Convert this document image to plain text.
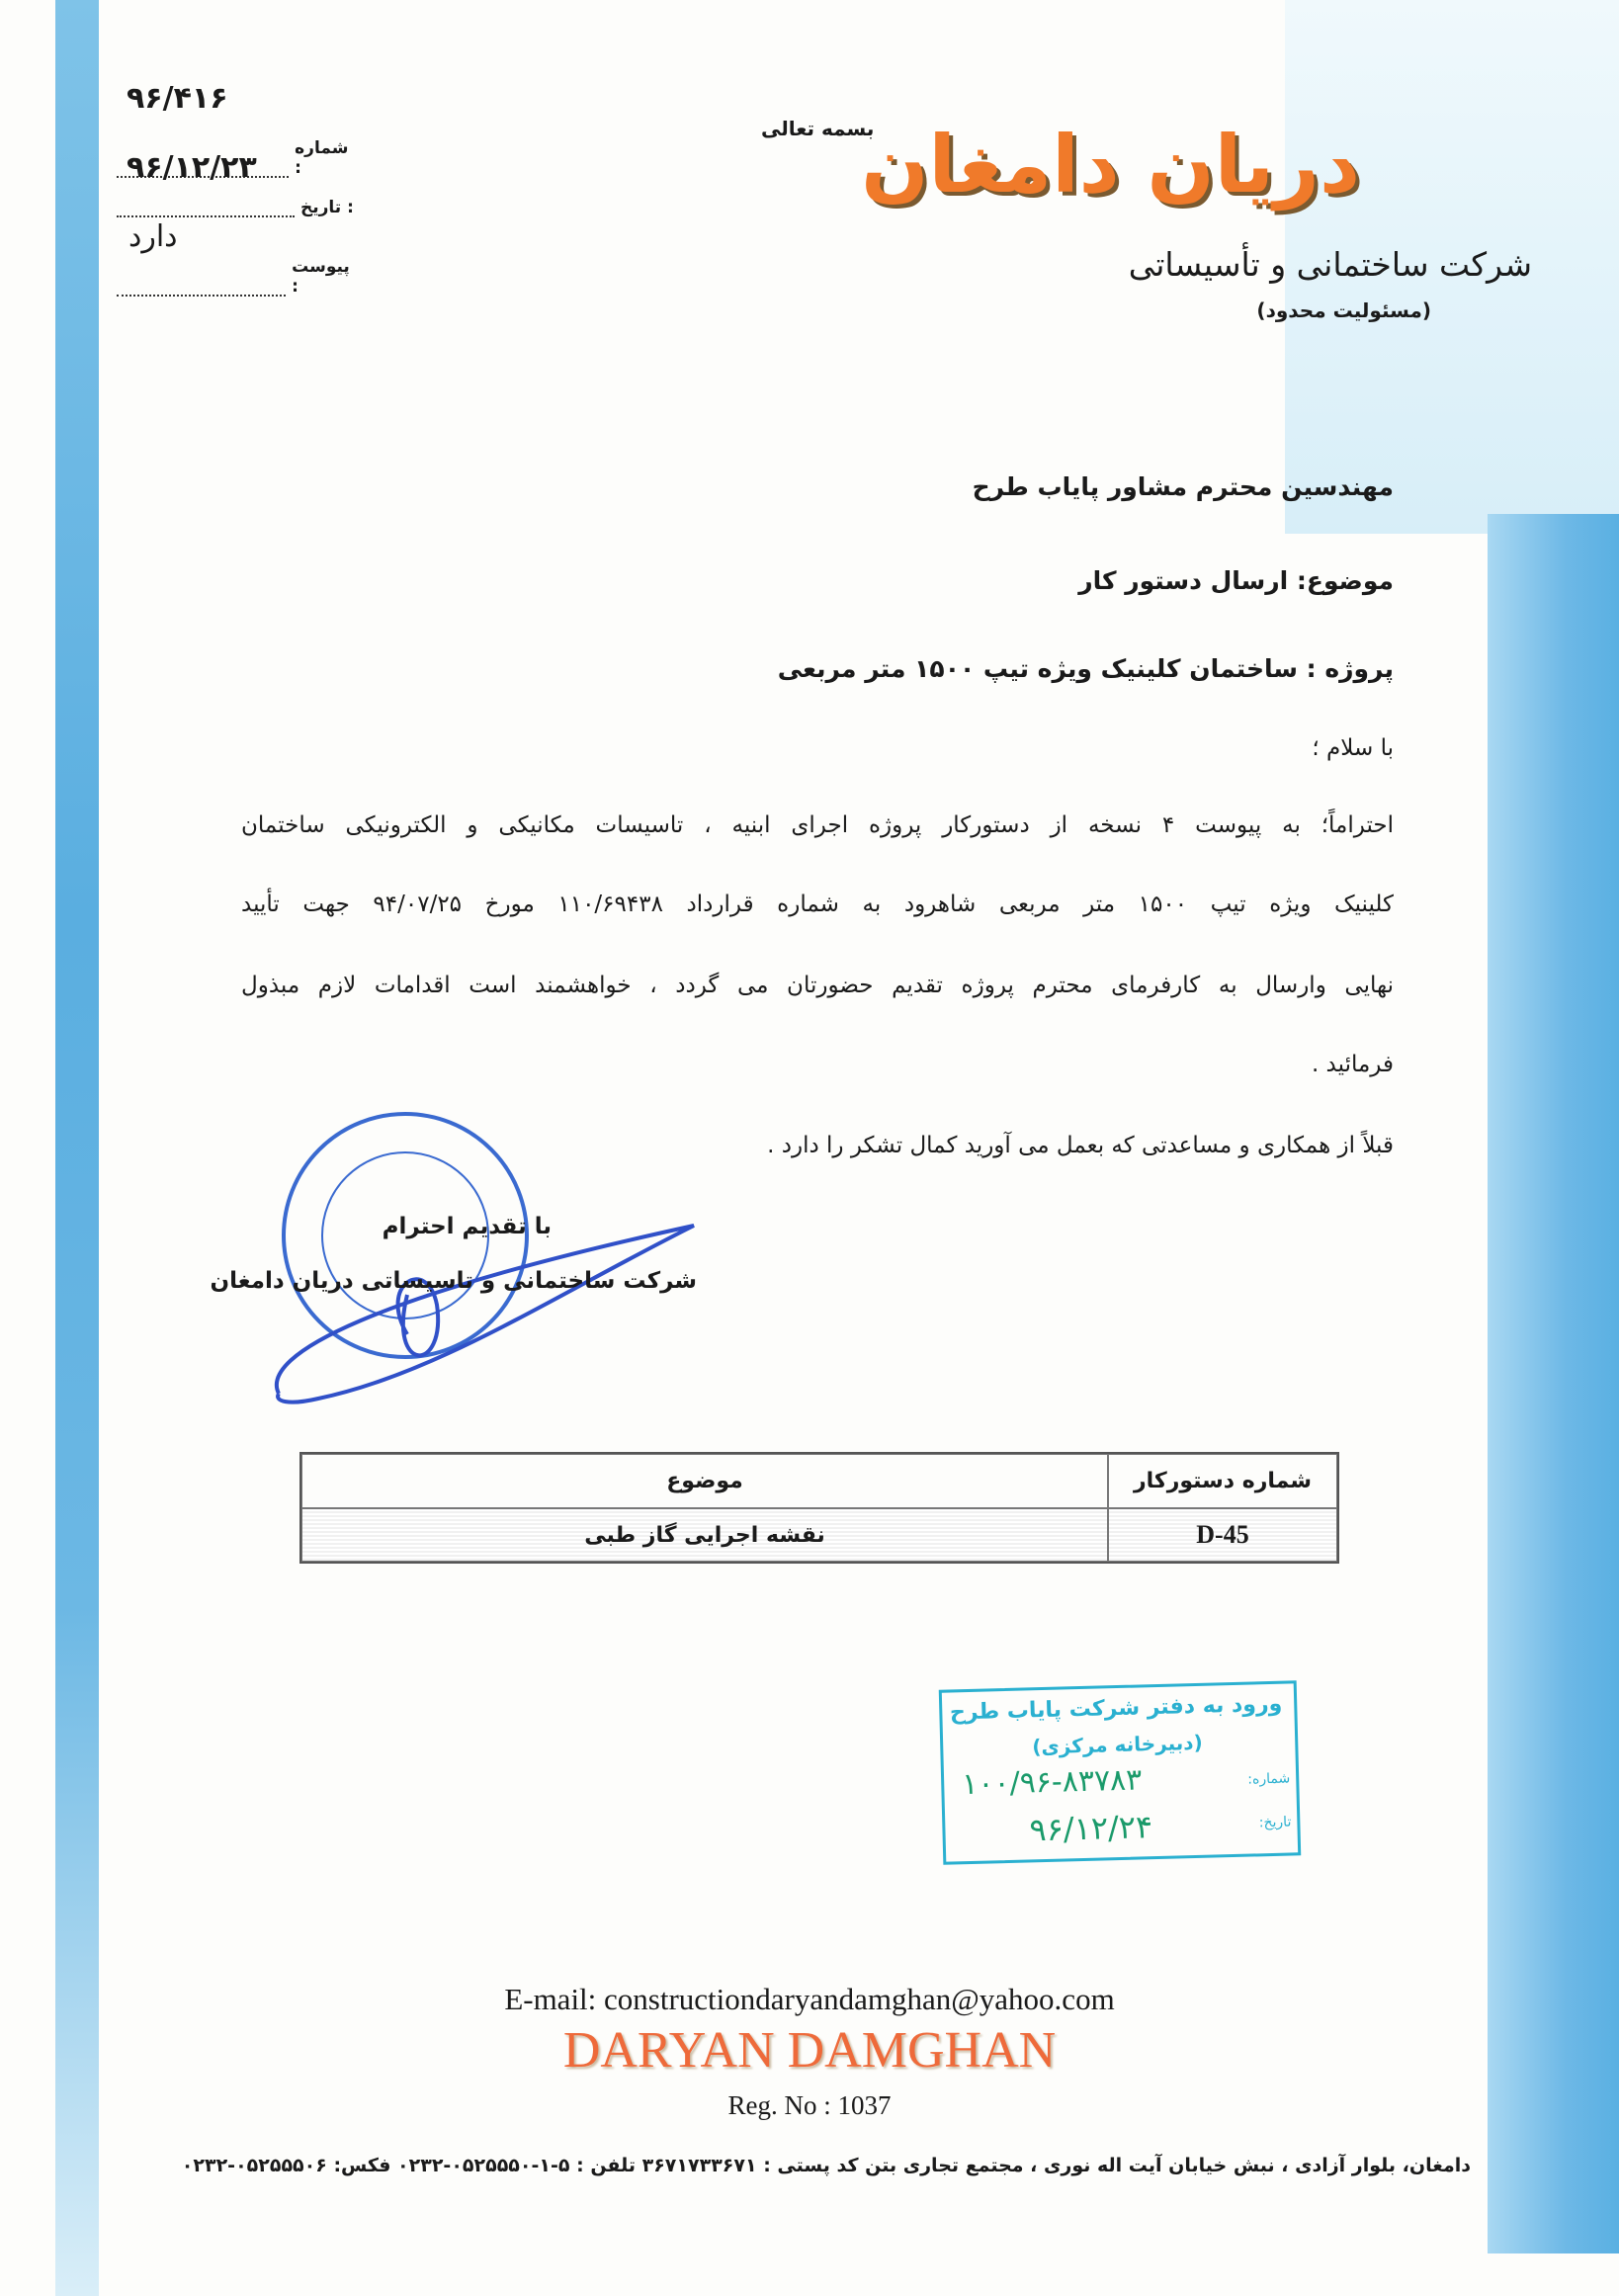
۹۶/۴۱۶
شماره :
۹۶/۱۲/۲۳
تاریخ :
دارد
پیوست :
بسمه تعالی
دریان دامغان
شرکت ساختمانی و تأسیساتی
(مسئولیت محدود)
مهندسین محترم مشاور پایاب طرح
موضوع: ارسال دستور کار
پروژه : ساختمان کلینیک ویژه تیپ ۱۵۰۰ متر مربعی
با سلام ؛
احتراماً؛ به پیوست ۴ نسخه از دستورکار پروژه اجرای ابنیه ، تاسیسات مکانیکی و الکترونیکی ساختمان
کلینیک ویژه تیپ ۱۵۰۰ متر مربعی شاهرود به شماره قرارداد ۱۱۰/۶۹۴۳۸ مورخ ۹۴/۰۷/۲۵ جهت تأیید
نهایی وارسال به کارفرمای محترم پروژه تقدیم حضورتان می گردد ، خواهشمند است اقدامات لازم مبذول
فرمائید .
قبلاً از همکاری و مساعدتی که بعمل می آورید کمال تشکر را دارد .
با تقدیم احترام
شرکت ساختمانی و تاسیساتی دریان دامغان
موضوع	شماره دستورکار
نقشه اجرایی گاز طبی	D-45
ورود به دفتر شرکت پایاب طرح
(دبیرخانه مرکزی)
شماره:
۱۰۰/۹۶-۸۳۷۸۳
تاریخ:
۹۶/۱۲/۲۴
E-mail: constructiondaryandamghan@yahoo.com
DARYAN DAMGHAN
Reg. No : 1037
دامغان، بلوار آزادی ، نبش خیابان آیت اله نوری ، مجتمع تجاری بتن کد پستی : ۳۶۷۱۷۳۳۶۷۱ تلفن : ۵-۱-۰۵۲۵۵۵۰-۰۲۳۲ فکس: ۰۵۲۵۵۵۰۶-۰۲۳۲
